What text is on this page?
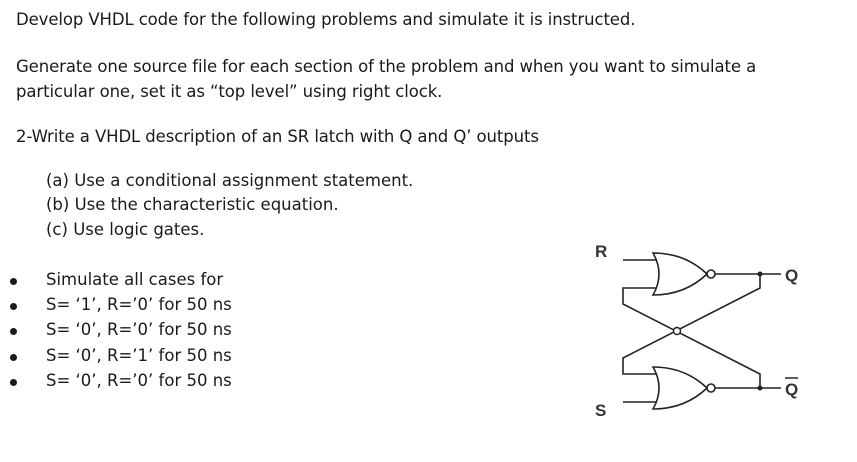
Develop VHDL code for the following problems and simulate it is instructed.
Generate one source file for each section of the problem and when you want to simulate a
particular one, set it as “top level” using right clock.
2-Write a VHDL description of an SR latch with Q and Q’ outputs
(a) Use a conditional assignment statement.
(b) Use the characteristic equation.
(c) Use logic gates.
Simulate all cases for
S= ‘1’, R=’0’ for 50 ns
S= ‘0’, R=’0’ for 50 ns
S= ‘0’, R=’1’ for 50 ns
S= ‘0’, R=’0’ for 50 ns
R
S
Q
Q
